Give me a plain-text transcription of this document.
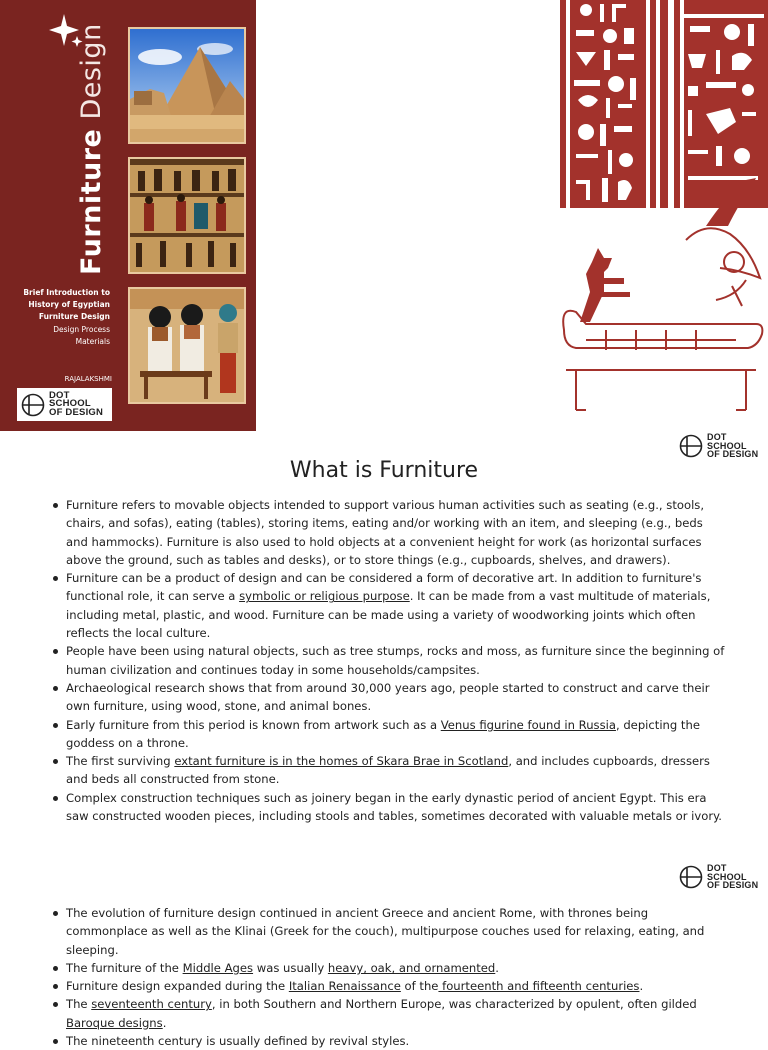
Furniture Design
Brief Introduction to
History of Egyptian
Furniture Design
Design Process
Materials
RAJALAKSHMI
DOT
SCHOOL
OF DESIGN
DOT
SCHOOL
OF DESIGN
What is Furniture
Furniture refers to movable objects intended to support various human activities such as seating (e.g., stools, chairs, and sofas), eating (tables), storing items, eating and/or working with an item, and sleeping (e.g., beds and hammocks). Furniture is also used to hold objects at a convenient height for work (as horizontal surfaces above the ground, such as tables and desks), or to store things (e.g., cupboards, shelves, and drawers).
Furniture can be a product of design and can be considered a form of decorative art. In addition to furniture's functional role, it can serve a symbolic or religious purpose. It can be made from a vast multitude of materials, including metal, plastic, and wood. Furniture can be made using a variety of woodworking joints which often reflects the local culture.
People have been using natural objects, such as tree stumps, rocks and moss, as furniture since the beginning of human civilization and continues today in some households/campsites.
Archaeological research shows that from around 30,000 years ago, people started to construct and carve their own furniture, using wood, stone, and animal bones.
Early furniture from this period is known from artwork such as a Venus figurine found in Russia, depicting the goddess on a throne.
The first surviving extant furniture is in the homes of Skara Brae in Scotland, and includes cupboards, dressers and beds all constructed from stone.
Complex construction techniques such as joinery began in the early dynastic period of ancient Egypt. This era saw constructed wooden pieces, including stools and tables, sometimes decorated with valuable metals or ivory.
DOT
SCHOOL
OF DESIGN
The evolution of furniture design continued in ancient Greece and ancient Rome, with thrones being commonplace as well as the Klinai (Greek for the couch), multipurpose couches used for relaxing, eating, and sleeping.
The furniture of the Middle Ages was usually heavy, oak, and ornamented.
Furniture design expanded during the Italian Renaissance of the fourteenth and fifteenth centuries.
The seventeenth century, in both Southern and Northern Europe, was characterized by opulent, often gilded Baroque designs.
The nineteenth century is usually defined by revival styles.
